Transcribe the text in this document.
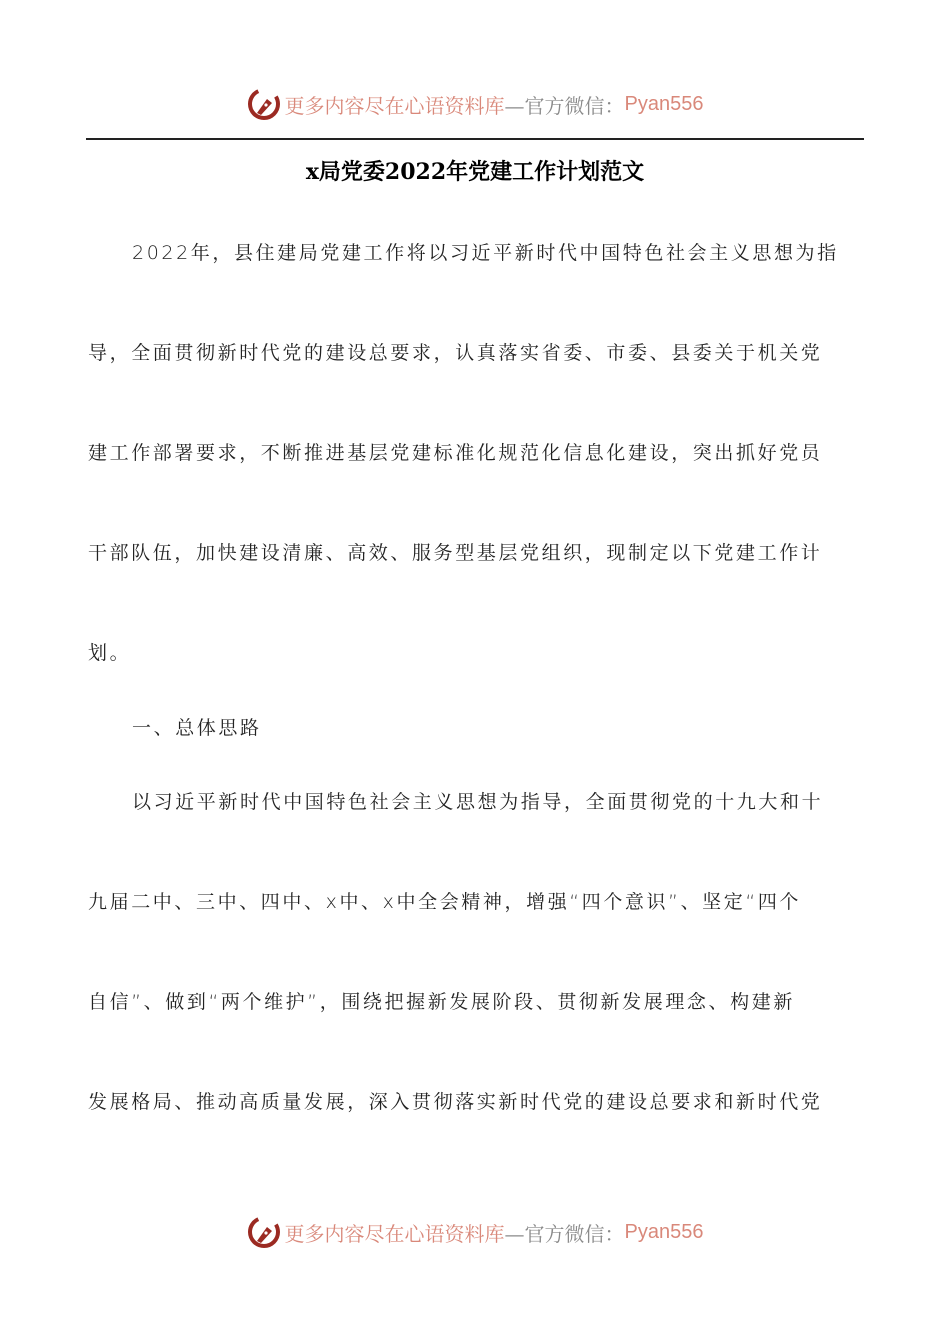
更多内容尽在心语资料库 —官方微信： Pyan556
x局党委2022年党建工作计划范文
2022年，县住建局党建工作将以习近平新时代中国特色社会主义思想为指
导，全面贯彻新时代党的建设总要求，认真落实省委、市委、县委关于机关党
建工作部署要求，不断推进基层党建标准化规范化信息化建设，突出抓好党员
干部队伍，加快建设清廉、高效、服务型基层党组织，现制定以下党建工作计
划。
一、总体思路
以习近平新时代中国特色社会主义思想为指导，全面贯彻党的十九大和十
九届二中、三中、四中、x中、x中全会精神，增强“四个意识”、坚定“四个
自信”、做到“两个维护”，围绕把握新发展阶段、贯彻新发展理念、构建新
发展格局、推动高质量发展，深入贯彻落实新时代党的建设总要求和新时代党
更多内容尽在心语资料库 —官方微信： Pyan556
